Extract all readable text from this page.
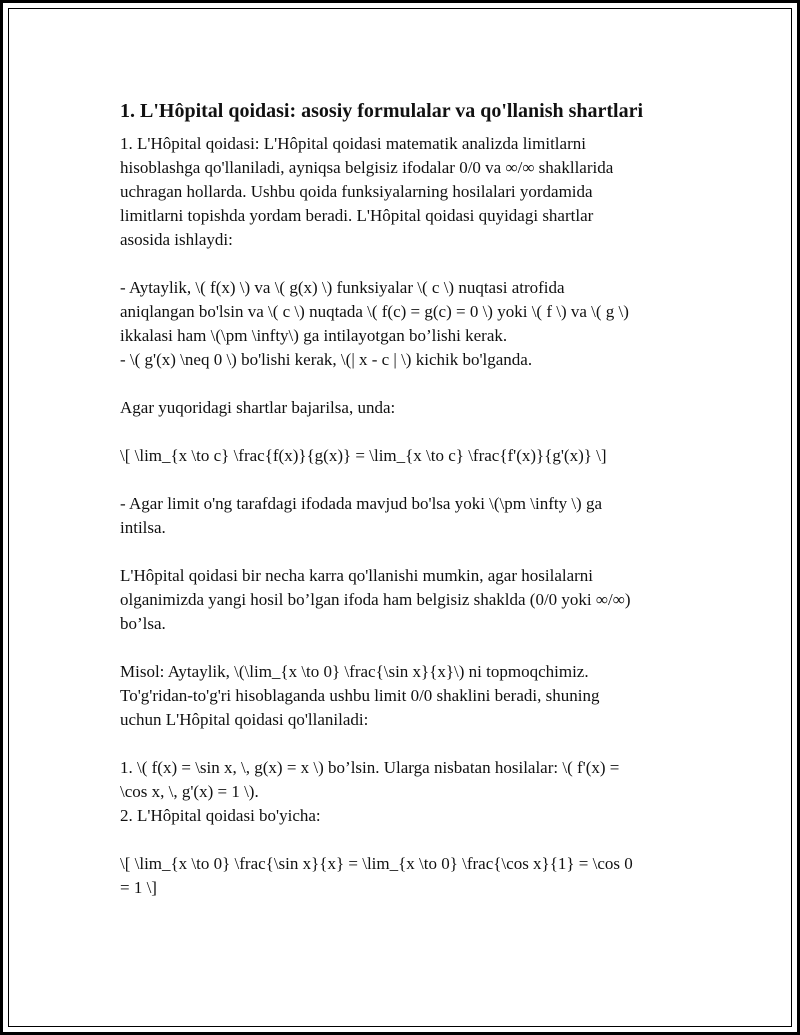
1. L'Hôpital qoidasi: asosiy formulalar va qo'llanish shartlari

1. L'Hôpital qoidasi: L'Hôpital qoidasi matematik analizda limitlarni
hisoblashga qo'llaniladi, ayniqsa belgisiz ifodalar 0/0 va ∞/∞ shakllarida
uchragan hollarda. Ushbu qoida funksiyalarning hosilalari yordamida
limitlarni topishda yordam beradi. L'Hôpital qoidasi quyidagi shartlar
asosida ishlaydi:

- Aytaylik, \( f(x) \) va \( g(x) \) funksiyalar \( c \) nuqtasi atrofida
aniqlangan bo'lsin va \( c \) nuqtada \( f(c) = g(c) = 0 \) yoki \( f \) va \( g \)
ikkalasi ham \(\pm \infty\) ga intilayotgan bo’lishi kerak.
- \( g'(x) \neq 0 \) bo'lishi kerak, \(| x - c | \) kichik bo'lganda.

Agar yuqoridagi shartlar bajarilsa, unda:

\[ \lim_{x \to c} \frac{f(x)}{g(x)} = \lim_{x \to c} \frac{f'(x)}{g'(x)} \]

- Agar limit o'ng tarafdagi ifodada mavjud bo'lsa yoki \(\pm \infty \) ga
intilsa.

L'Hôpital qoidasi bir necha karra qo'llanishi mumkin, agar hosilalarni
olganimizda yangi hosil bo’lgan ifoda ham belgisiz shaklda (0/0 yoki ∞/∞)
bo’lsa.

Misol: Aytaylik, \(\lim_{x \to 0} \frac{\sin x}{x}\) ni topmoqchimiz.
To'g'ridan-to'g'ri hisoblaganda ushbu limit 0/0 shaklini beradi, shuning
uchun L'Hôpital qoidasi qo'llaniladi:

1. \( f(x) = \sin x, \, g(x) = x \) bo’lsin. Ularga nisbatan hosilalar: \( f'(x) =
\cos x, \, g'(x) = 1 \).
2. L'Hôpital qoidasi bo'yicha:

\[ \lim_{x \to 0} \frac{\sin x}{x} = \lim_{x \to 0} \frac{\cos x}{1} = \cos 0
= 1 \]
